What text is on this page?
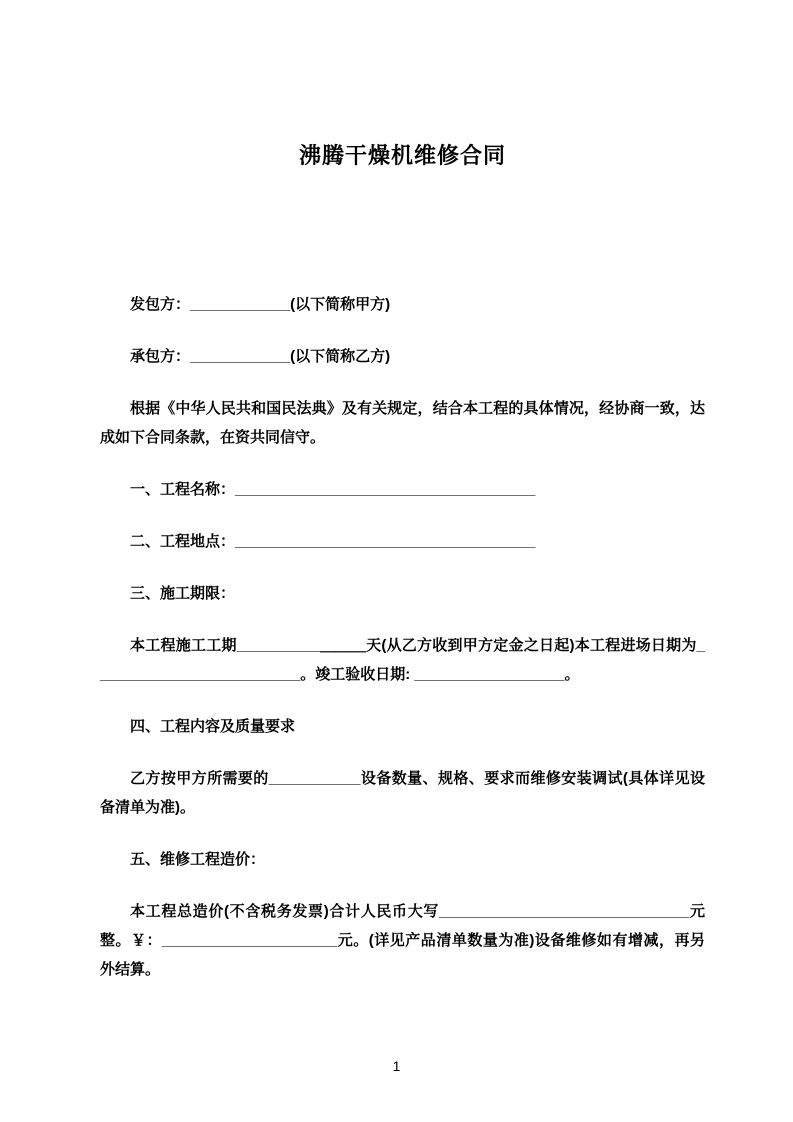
沸腾干燥机维修合同

发包方：____________(以下简称甲方)

承包方：____________(以下简称乙方)

根据《中华人民共和国民法典》及有关规定，结合本工程的具体情况，经协商一致，达成如下合同条款，在资共同信守。

一、工程名称：____________________________________

二、工程地点：____________________________________

三、施工期限：

本工程施工工期__________＿＿＿天(从乙方收到甲方定金之日起)本工程进场日期为_________________________。竣工验收日期: __________________。

四、工程内容及质量要求

乙方按甲方所需要的___________设备数量、规格、要求而维修安装调试(具体详见设备清单为准)。

五、维修工程造价：

本工程总造价(不含税务发票)合计人民币大写______________________________元整。￥：_____________________元。(详见产品清单数量为准)设备维修如有增减，再另外结算。

1
